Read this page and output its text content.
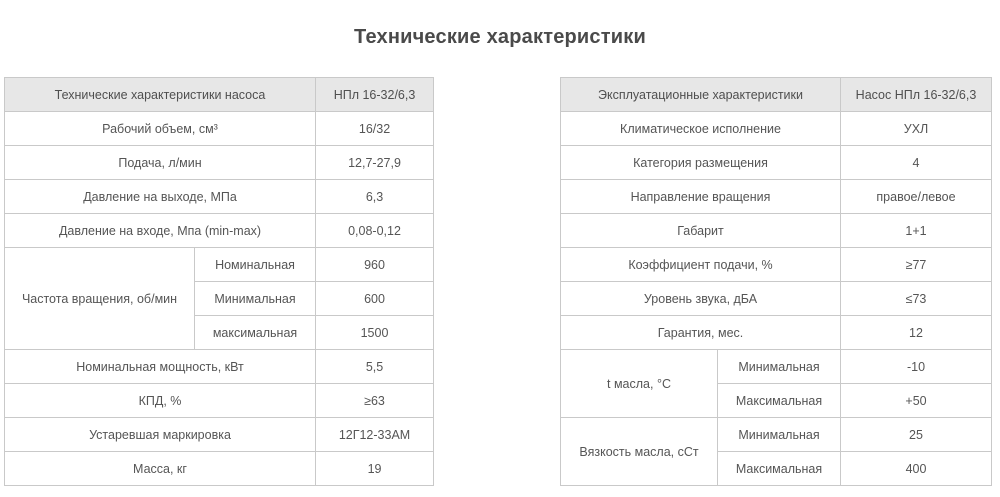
Технические характеристики
Технические характеристики насоса		НПл 16-32/6,3
Рабочий объем, см³		16/32
Подача, л/мин		12,7-27,9
Давление на выходе, МПа		6,3
Давление на входе, Мпа (min-max)		0,08-0,12
Частота вращения, об/мин	Номинальная	960
	Минимальная	600
	максимальная	1500
Номинальная мощность, кВт		5,5
КПД, %		≥63
Устаревшая маркировка		12Г12-33АМ
Масса, кг		19
Эксплуатационные характеристики		Насос НПл 16-32/6,3
Климатическое исполнение		УХЛ
Категория размещения		4
Направление вращения		правое/левое
Габарит		1+1
Коэффициент подачи, %		≥77
Уровень звука, дБА		≤73
Гарантия, мес.		12
t масла, °С	Минимальная	-10
	Максимальная	+50
Вязкость масла, сСт	Минимальная	25
	Максимальная	400
